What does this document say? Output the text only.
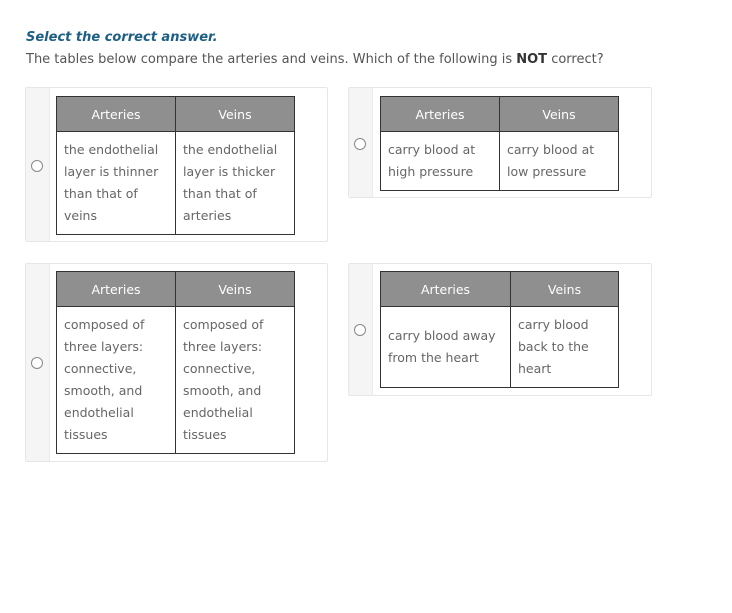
Select the correct answer.
The tables below compare the arteries and veins. Which of the following is NOT correct?
Arteries	Veins
the endothelial layer is thinner than that of veins	the endothelial layer is thicker than that of arteries
Arteries	Veins
carry blood at high pressure	carry blood at low pressure
Arteries	Veins
composed of three layers: connective, smooth, and endothelial tissues	composed of three layers: connective, smooth, and endothelial tissues
Arteries	Veins
carry blood away from the heart	carry blood back to the heart
